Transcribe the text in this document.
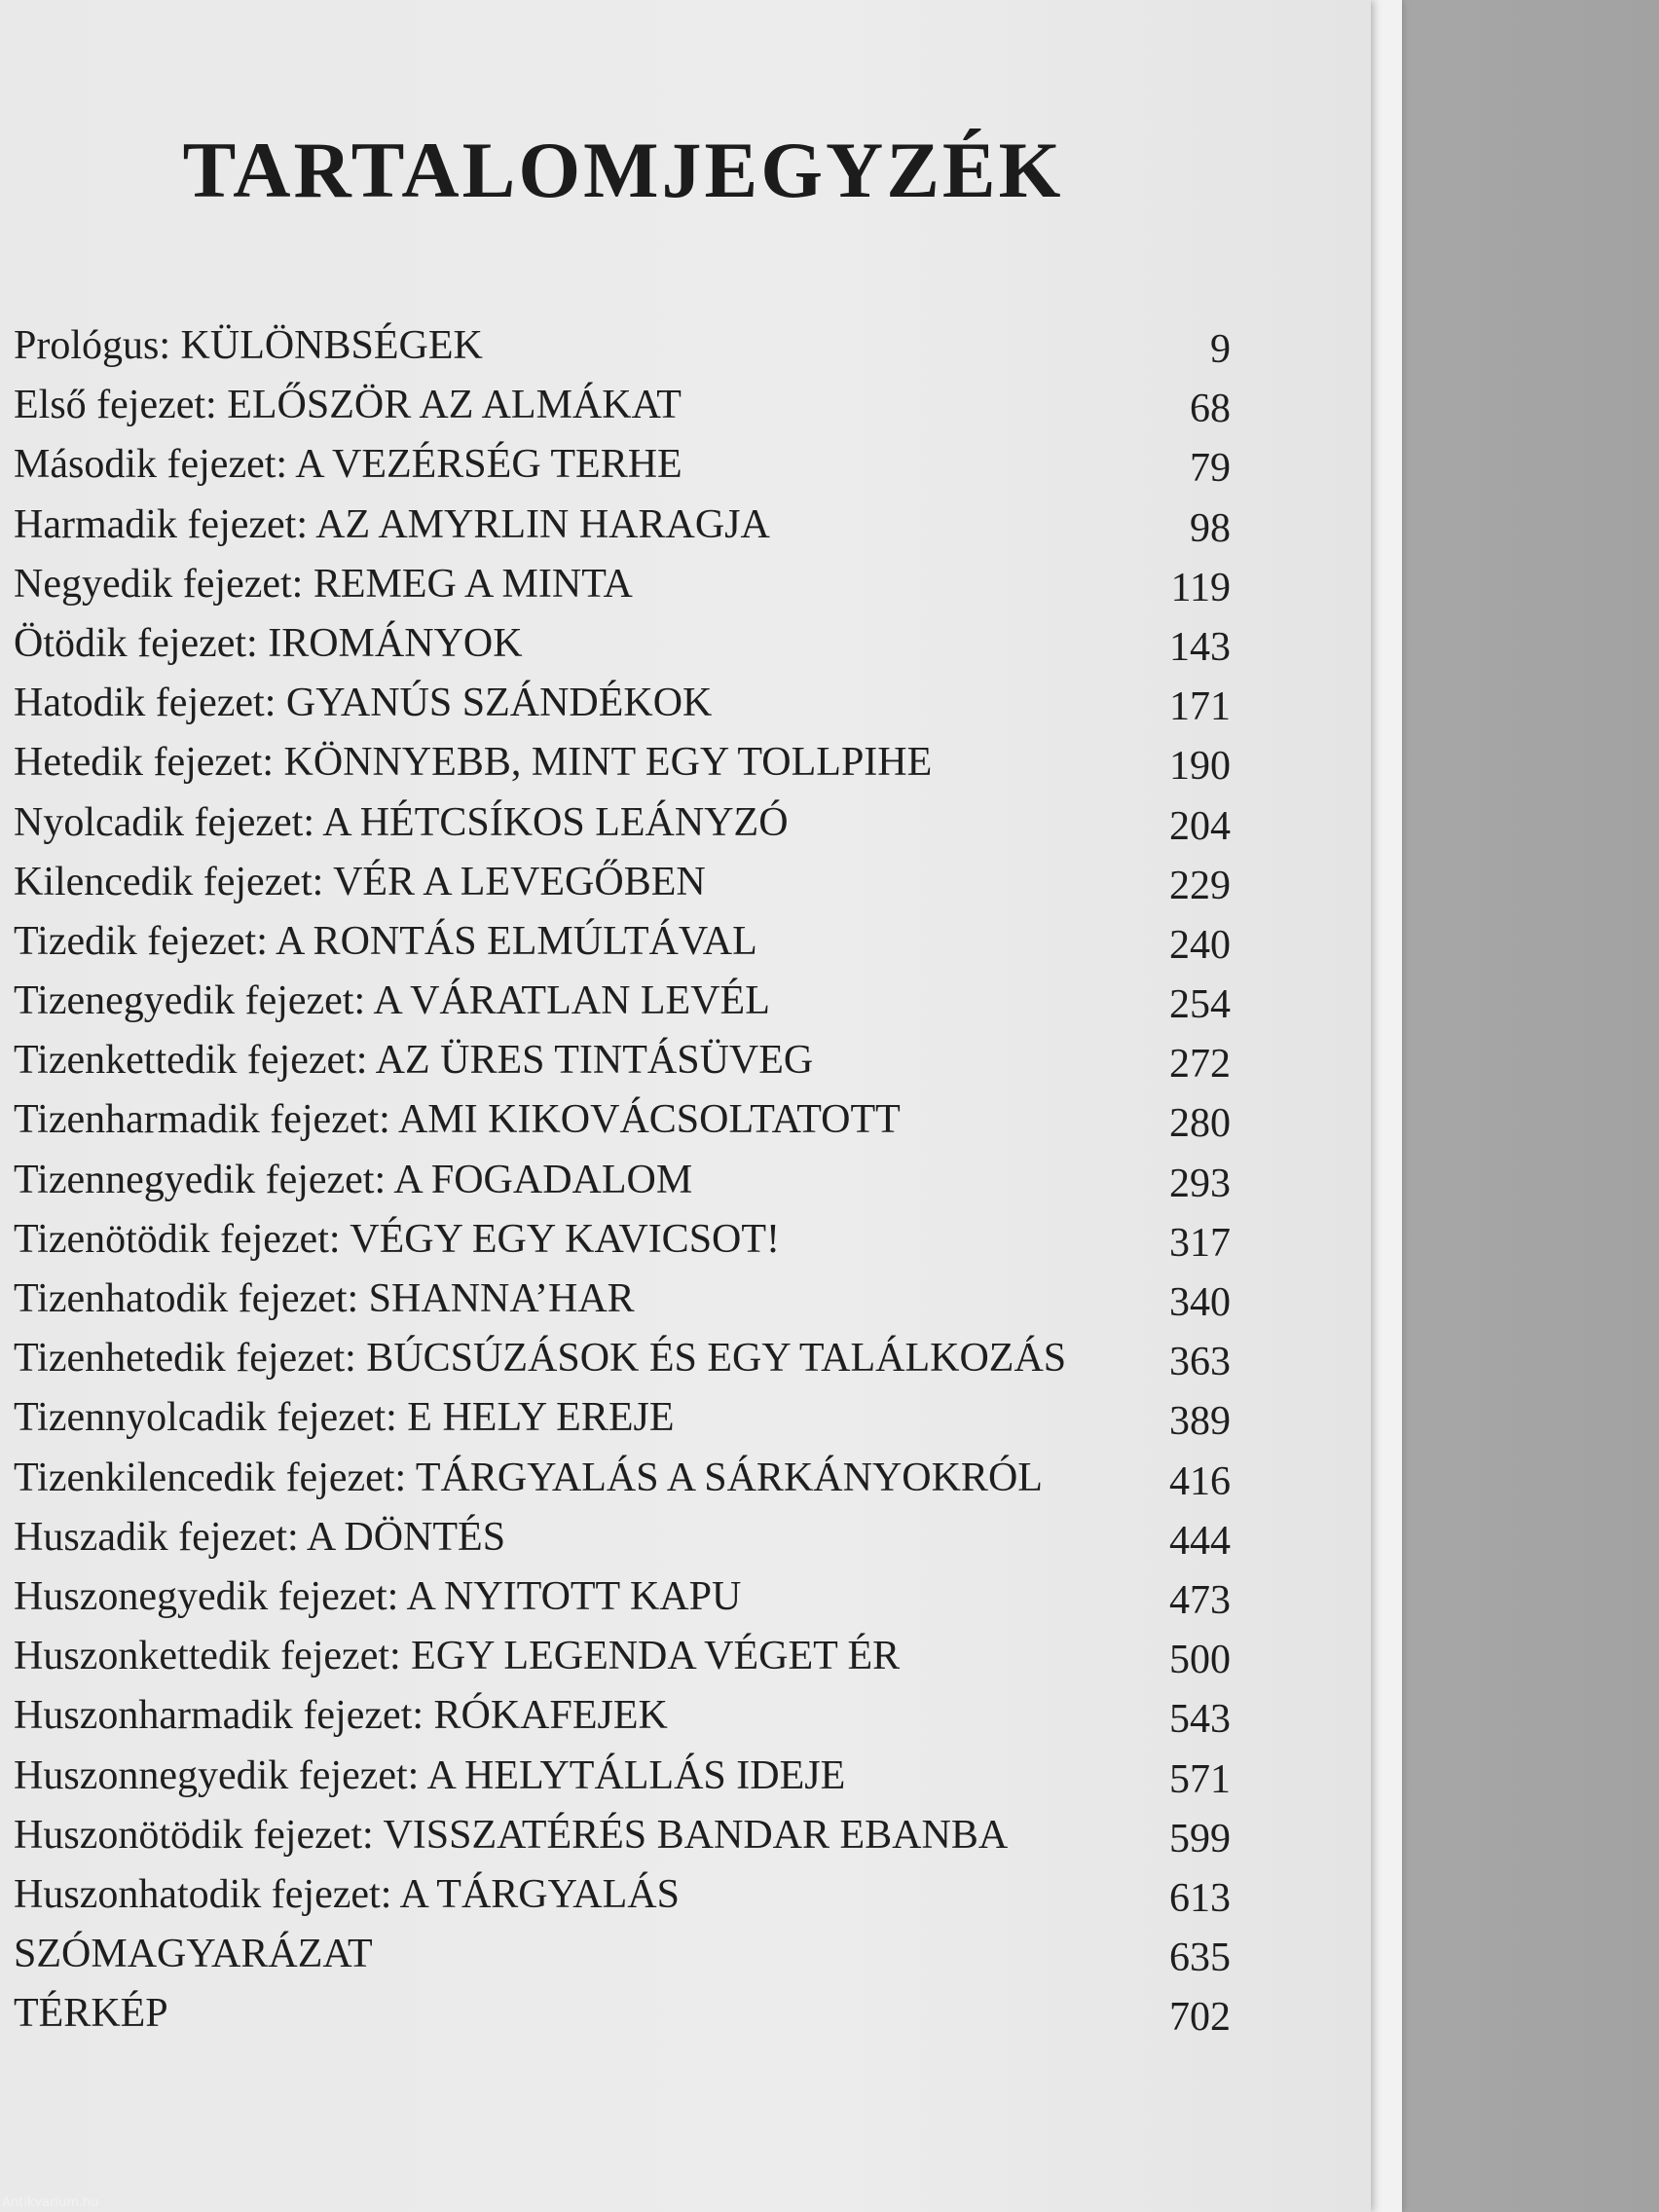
TARTALOMJEGYZÉK
Prológus: KÜLÖNBSÉGEK	9
Első fejezet: ELŐSZÖR AZ ALMÁKAT	68
Második fejezet: A VEZÉRSÉG TERHE	79
Harmadik fejezet: AZ AMYRLIN HARAGJA	98
Negyedik fejezet: REMEG A MINTA	119
Ötödik fejezet: IROMÁNYOK	143
Hatodik fejezet: GYANÚS SZÁNDÉKOK	171
Hetedik fejezet: KÖNNYEBB, MINT EGY TOLLPIHE	190
Nyolcadik fejezet: A HÉTCSÍKOS LEÁNYZÓ	204
Kilencedik fejezet: VÉR A LEVEGŐBEN	229
Tizedik fejezet: A RONTÁS ELMÚLTÁVAL	240
Tizenegyedik fejezet: A VÁRATLAN LEVÉL	254
Tizenkettedik fejezet: AZ ÜRES TINTÁSÜVEG	272
Tizenharmadik fejezet: AMI KIKOVÁCSOLTATOTT	280
Tizennegyedik fejezet: A FOGADALOM	293
Tizenötödik fejezet: VÉGY EGY KAVICSOT!	317
Tizenhatodik fejezet: SHANNA’HAR	340
Tizenhetedik fejezet: BÚCSÚZÁSOK ÉS EGY TALÁLKOZÁS	363
Tizennyolcadik fejezet: E HELY EREJE	389
Tizenkilencedik fejezet: TÁRGYALÁS A SÁRKÁNYOKRÓL	416
Huszadik fejezet: A DÖNTÉS	444
Huszonegyedik fejezet: A NYITOTT KAPU	473
Huszonkettedik fejezet: EGY LEGENDA VÉGET ÉR	500
Huszonharmadik fejezet: RÓKAFEJEK	543
Huszonnegyedik fejezet: A HELYTÁLLÁS IDEJE	571
Huszonötödik fejezet: VISSZATÉRÉS BANDAR EBANBA	599
Huszonhatodik fejezet: A TÁRGYALÁS	613
SZÓMAGYARÁZAT	635
TÉRKÉP	702
Antikvarium.hu
